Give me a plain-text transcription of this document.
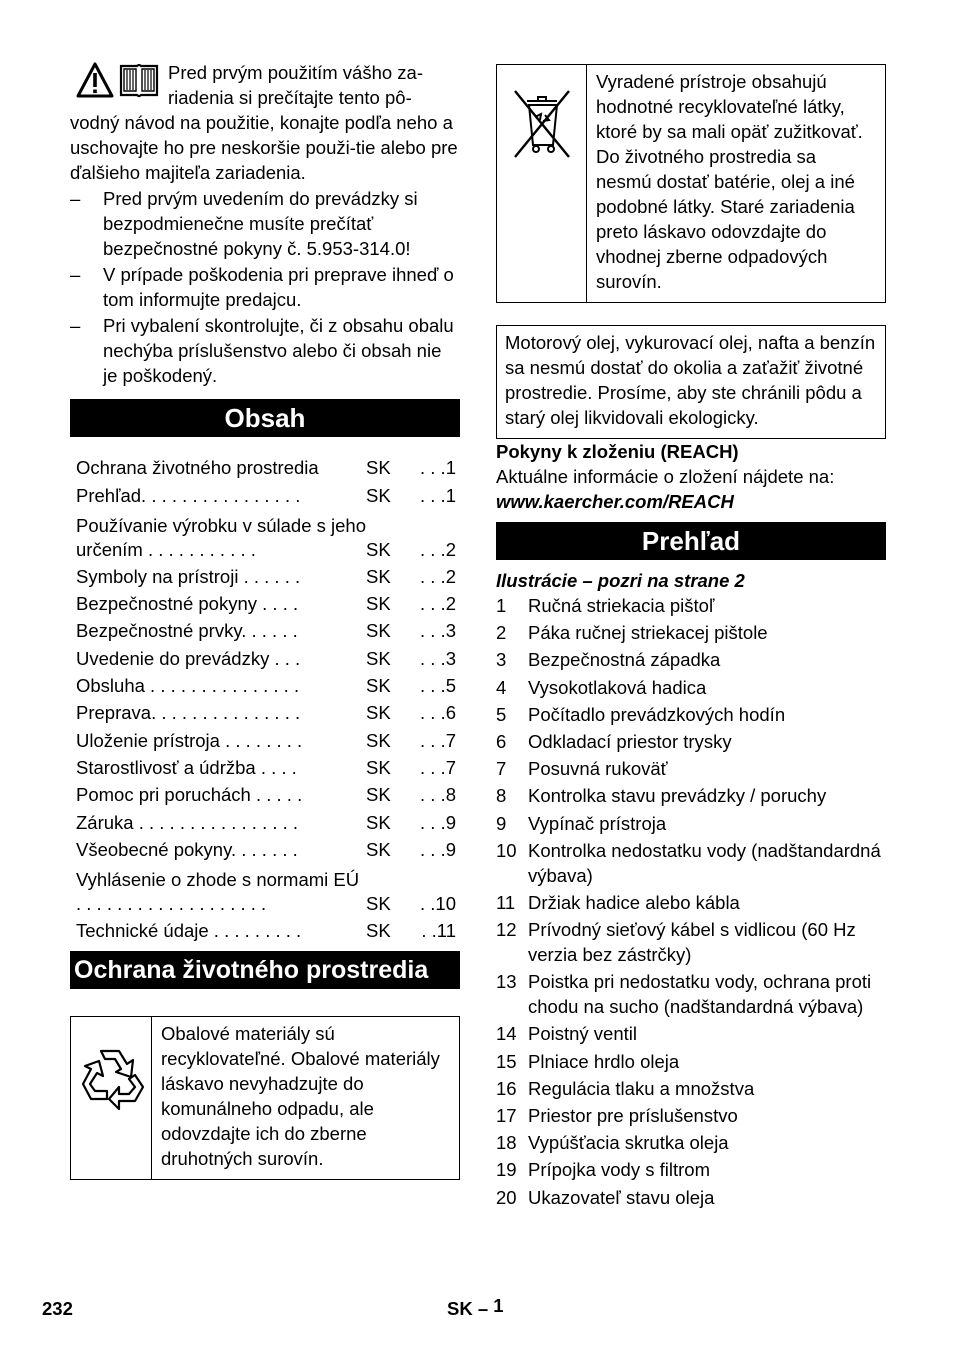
Pred prvým použitím vášho za-
riadenia si prečítajte tento pô-

vodný návod na použitie, konajte podľa neho a uschovajte ho pre neskoršie použi-tie alebo pre ďalšieho majiteľa zariadenia.

– Pred prvým uvedením do prevádzky si bezpodmienečne musíte prečítať bezpečnostné pokyny č. 5.953-314.0!
– V prípade poškodenia pri preprave ihneď o tom informujte predajcu.
– Pri vybalení skontrolujte, či z obsahu obalu nechýba príslušenstvo alebo či obsah nie je poškodený.
Obsah
Ochrana životného prostredia	SK	. . .1
Prehľad. . . . . . . . . . . . . . . .	SK	. . .1
Používanie výrobku v súlade s jeho určením . . . . . . . . . . .	SK	. . .2
Symboly na prístroji . . . . . .	SK	. . .2
Bezpečnostné pokyny . . . .	SK	. . .2
Bezpečnostné prvky. . . . . .	SK	. . .3
Uvedenie do prevádzky . . .	SK	. . .3
Obsluha . . . . . . . . . . . . . . .	SK	. . .5
Preprava. . . . . . . . . . . . . . .	SK	. . .6
Uloženie prístroja . . . . . . . .	SK	. . .7
Starostlivosť a údržba . . . .	SK	. . .7
Pomoc pri poruchách . . . . .	SK	. . .8
Záruka . . . . . . . . . . . . . . . .	SK	. . .9
Všeobecné pokyny. . . . . . .	SK	. . .9
Vyhlásenie o zhode s normami EÚ . . . . . . . . . . . . . . . . . . .	SK	. .10
Technické údaje . . . . . . . . .	SK	. .11
Ochrana životného prostredia
Obalové materiály sú recyklovateľné. Obalové materiály láskavo nevyhadzujte do komunálneho odpadu, ale odovzdajte ich do zberne druhotných surovín.
Vyradené prístroje obsahujú hodnotné recyklovateľné látky, ktoré by sa mali opäť zužitkovať. Do životného prostredia sa nesmú dostať batérie, olej a iné podobné látky. Staré zariadenia preto láskavo odovzdajte do vhodnej zberne odpadových surovín.
Motorový olej, vykurovací olej, nafta a benzín sa nesmú dostať do okolia a zaťažiť životné prostredie. Prosíme, aby ste chránili pôdu a starý olej likvidovali ekologicky.
Pokyny k zloženiu (REACH)
Aktuálne informácie o zložení nájdete na:
www.kaercher.com/REACH
Prehľad
Ilustrácie – pozri na strane 2
1	Ručná striekacia pištoľ
2	Páka ručnej striekacej pištole
3	Bezpečnostná západka
4	Vysokotlaková hadica
5	Počítadlo prevádzkových hodín
6	Odkladací priestor trysky
7	Posuvná rukoväť
8	Kontrolka stavu prevádzky / poruchy
9	Vypínač prístroja
10 Kontrolka nedostatku vody (nadštandardná výbava)
11 Držiak hadice alebo kábla
12 Prívodný sieťový kábel s vidlicou (60 Hz verzia bez zástrčky)
13 Poistka pri nedostatku vody, ochrana proti chodu na sucho (nadštandardná výbava)
14 Poistný ventil
15 Plniace hrdlo oleja
16 Regulácia tlaku a množstva
17 Priestor pre príslušenstvo
18 Vypúšťacia skrutka oleja
19 Prípojka vody s filtrom
20 Ukazovateľ stavu oleja
232	SK – 1
